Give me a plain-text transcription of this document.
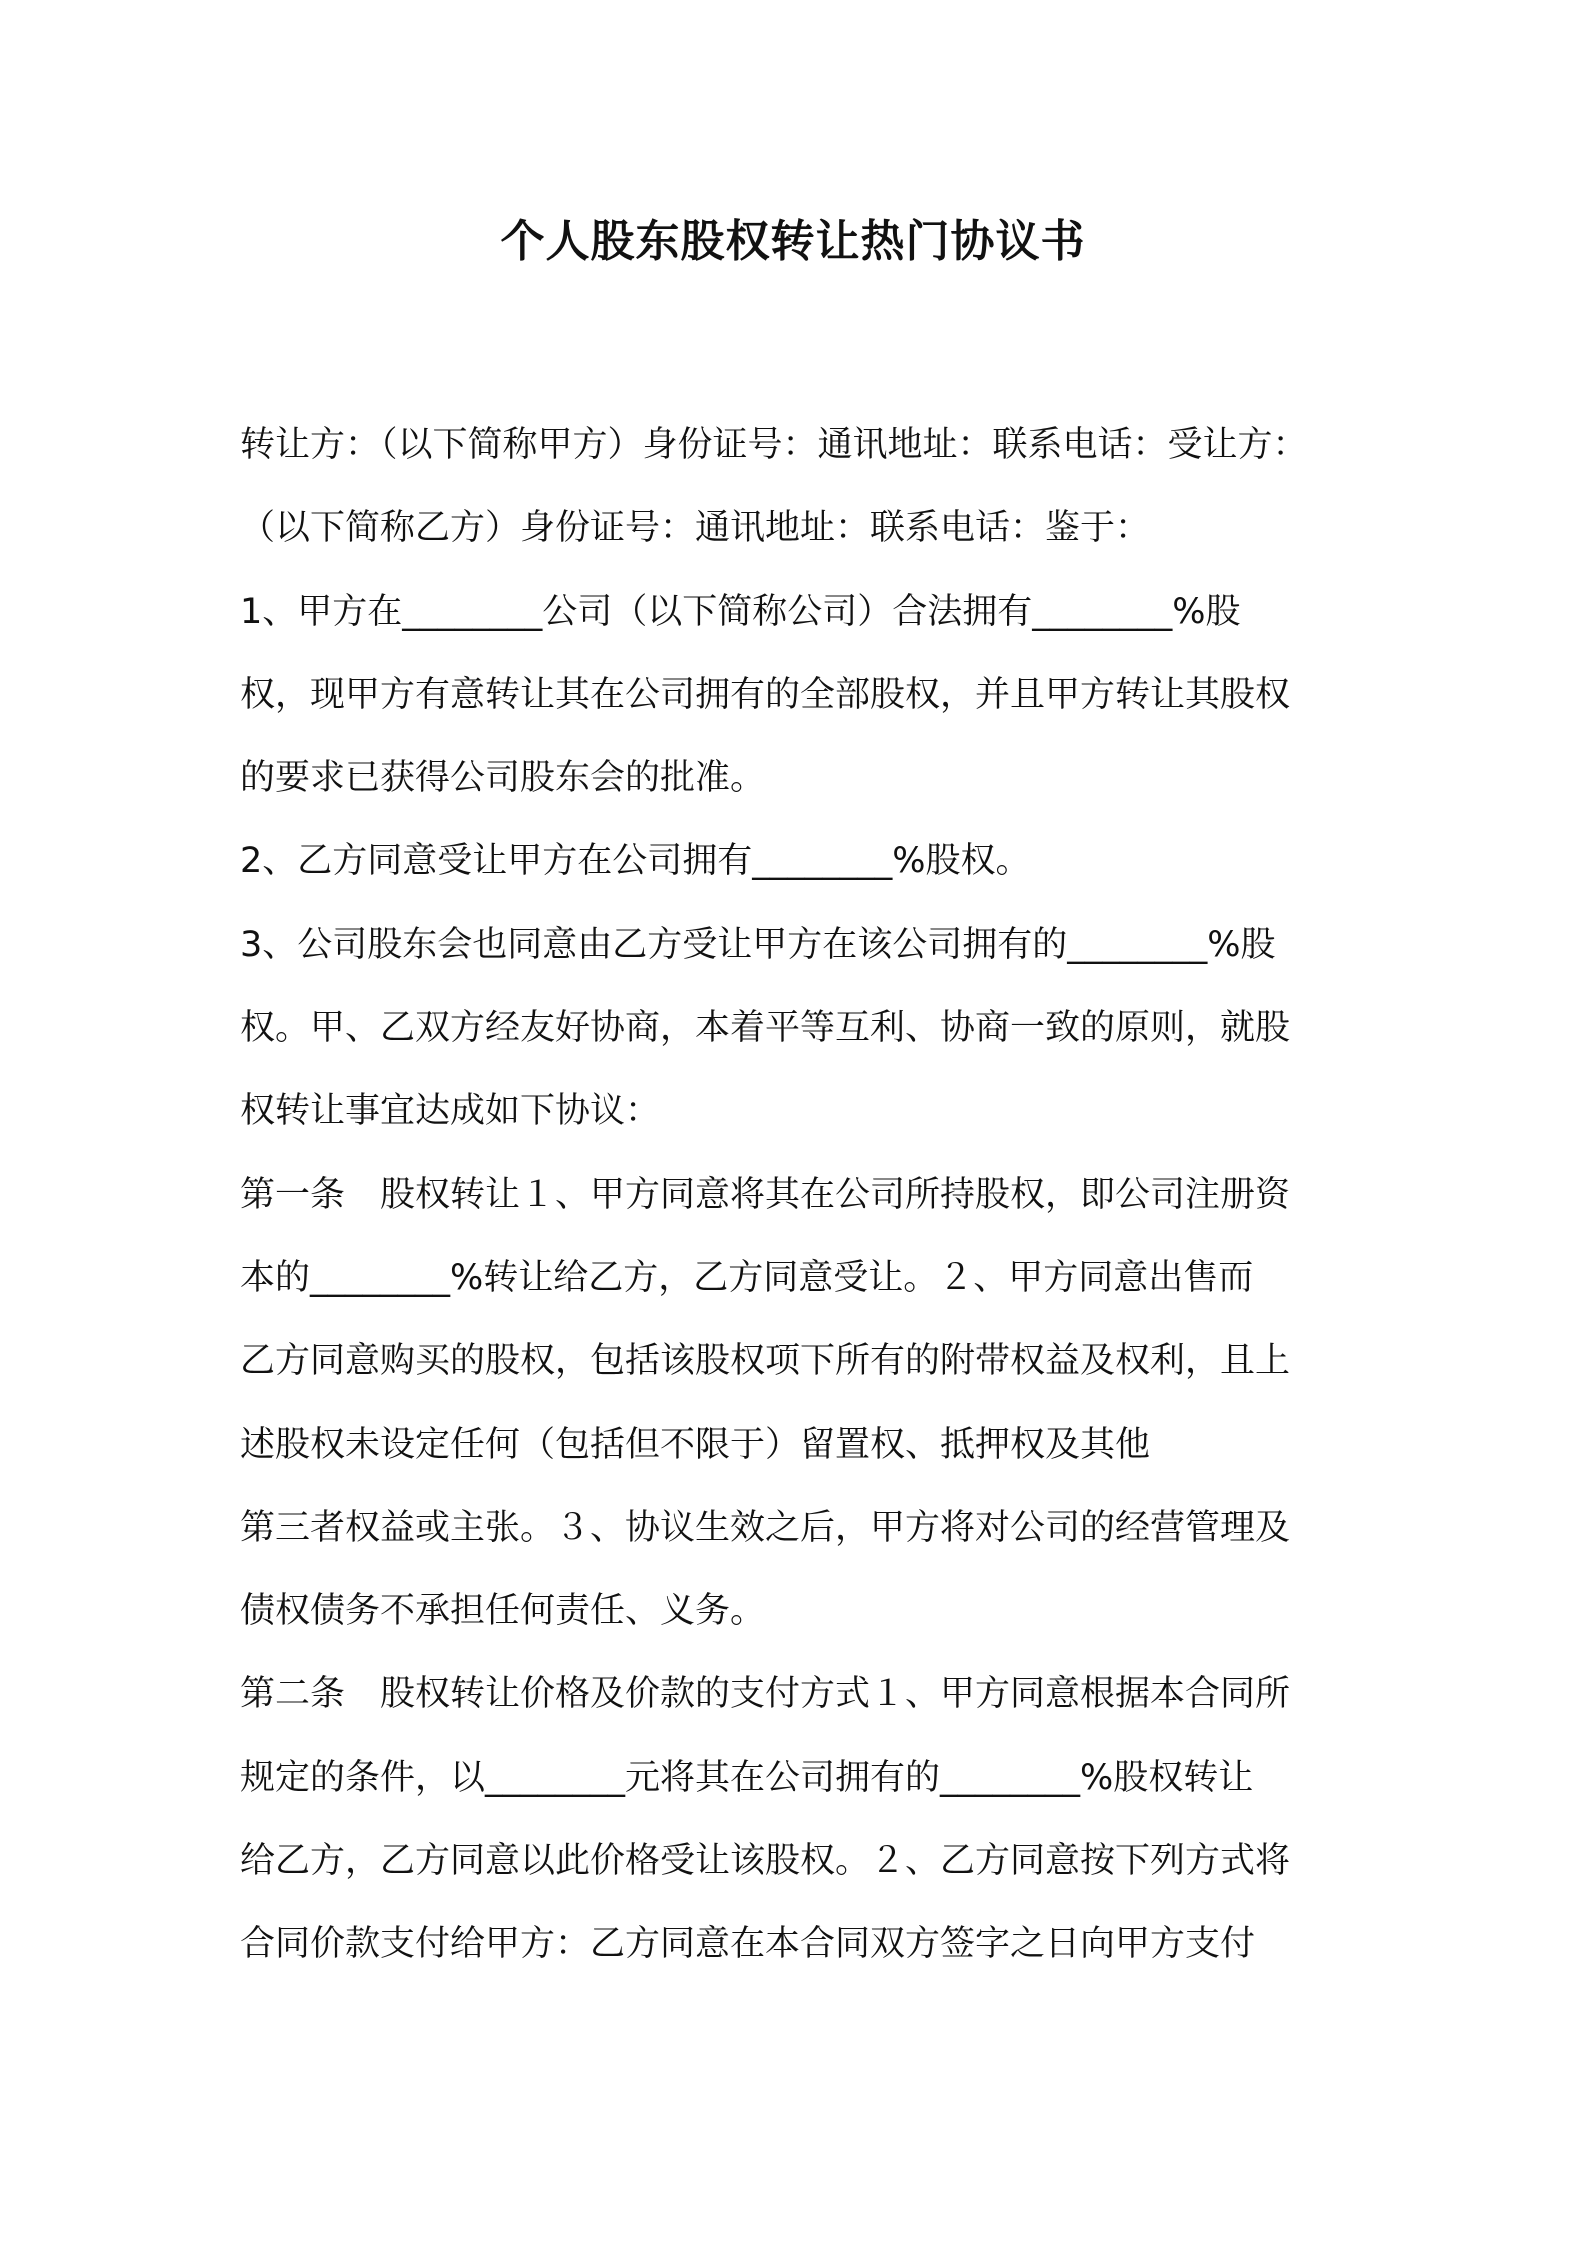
个人股东股权转让热门协议书
转让方：（以下简称甲方）身份证号：通讯地址：联系电话：受让方：
（以下简称乙方）身份证号：通讯地址：联系电话：鉴于：
1、甲方在________公司（以下简称公司）合法拥有________%股
权，现甲方有意转让其在公司拥有的全部股权，并且甲方转让其股权
的要求已获得公司股东会的批准。
2、乙方同意受让甲方在公司拥有________%股权。
3、公司股东会也同意由乙方受让甲方在该公司拥有的________%股
权。甲、乙双方经友好协商，本着平等互利、协商一致的原则，就股
权转让事宜达成如下协议：
第一条　股权转让１、甲方同意将其在公司所持股权，即公司注册资
本的________%转让给乙方，乙方同意受让。２、甲方同意出售而
乙方同意购买的股权，包括该股权项下所有的附带权益及权利，且上
述股权未设定任何（包括但不限于）留置权、抵押权及其他
第三者权益或主张。３、协议生效之后，甲方将对公司的经营管理及
债权债务不承担任何责任、义务。
第二条　股权转让价格及价款的支付方式１、甲方同意根据本合同所
规定的条件，以________元将其在公司拥有的________%股权转让
给乙方，乙方同意以此价格受让该股权。２、乙方同意按下列方式将
合同价款支付给甲方：乙方同意在本合同双方签字之日向甲方支付
